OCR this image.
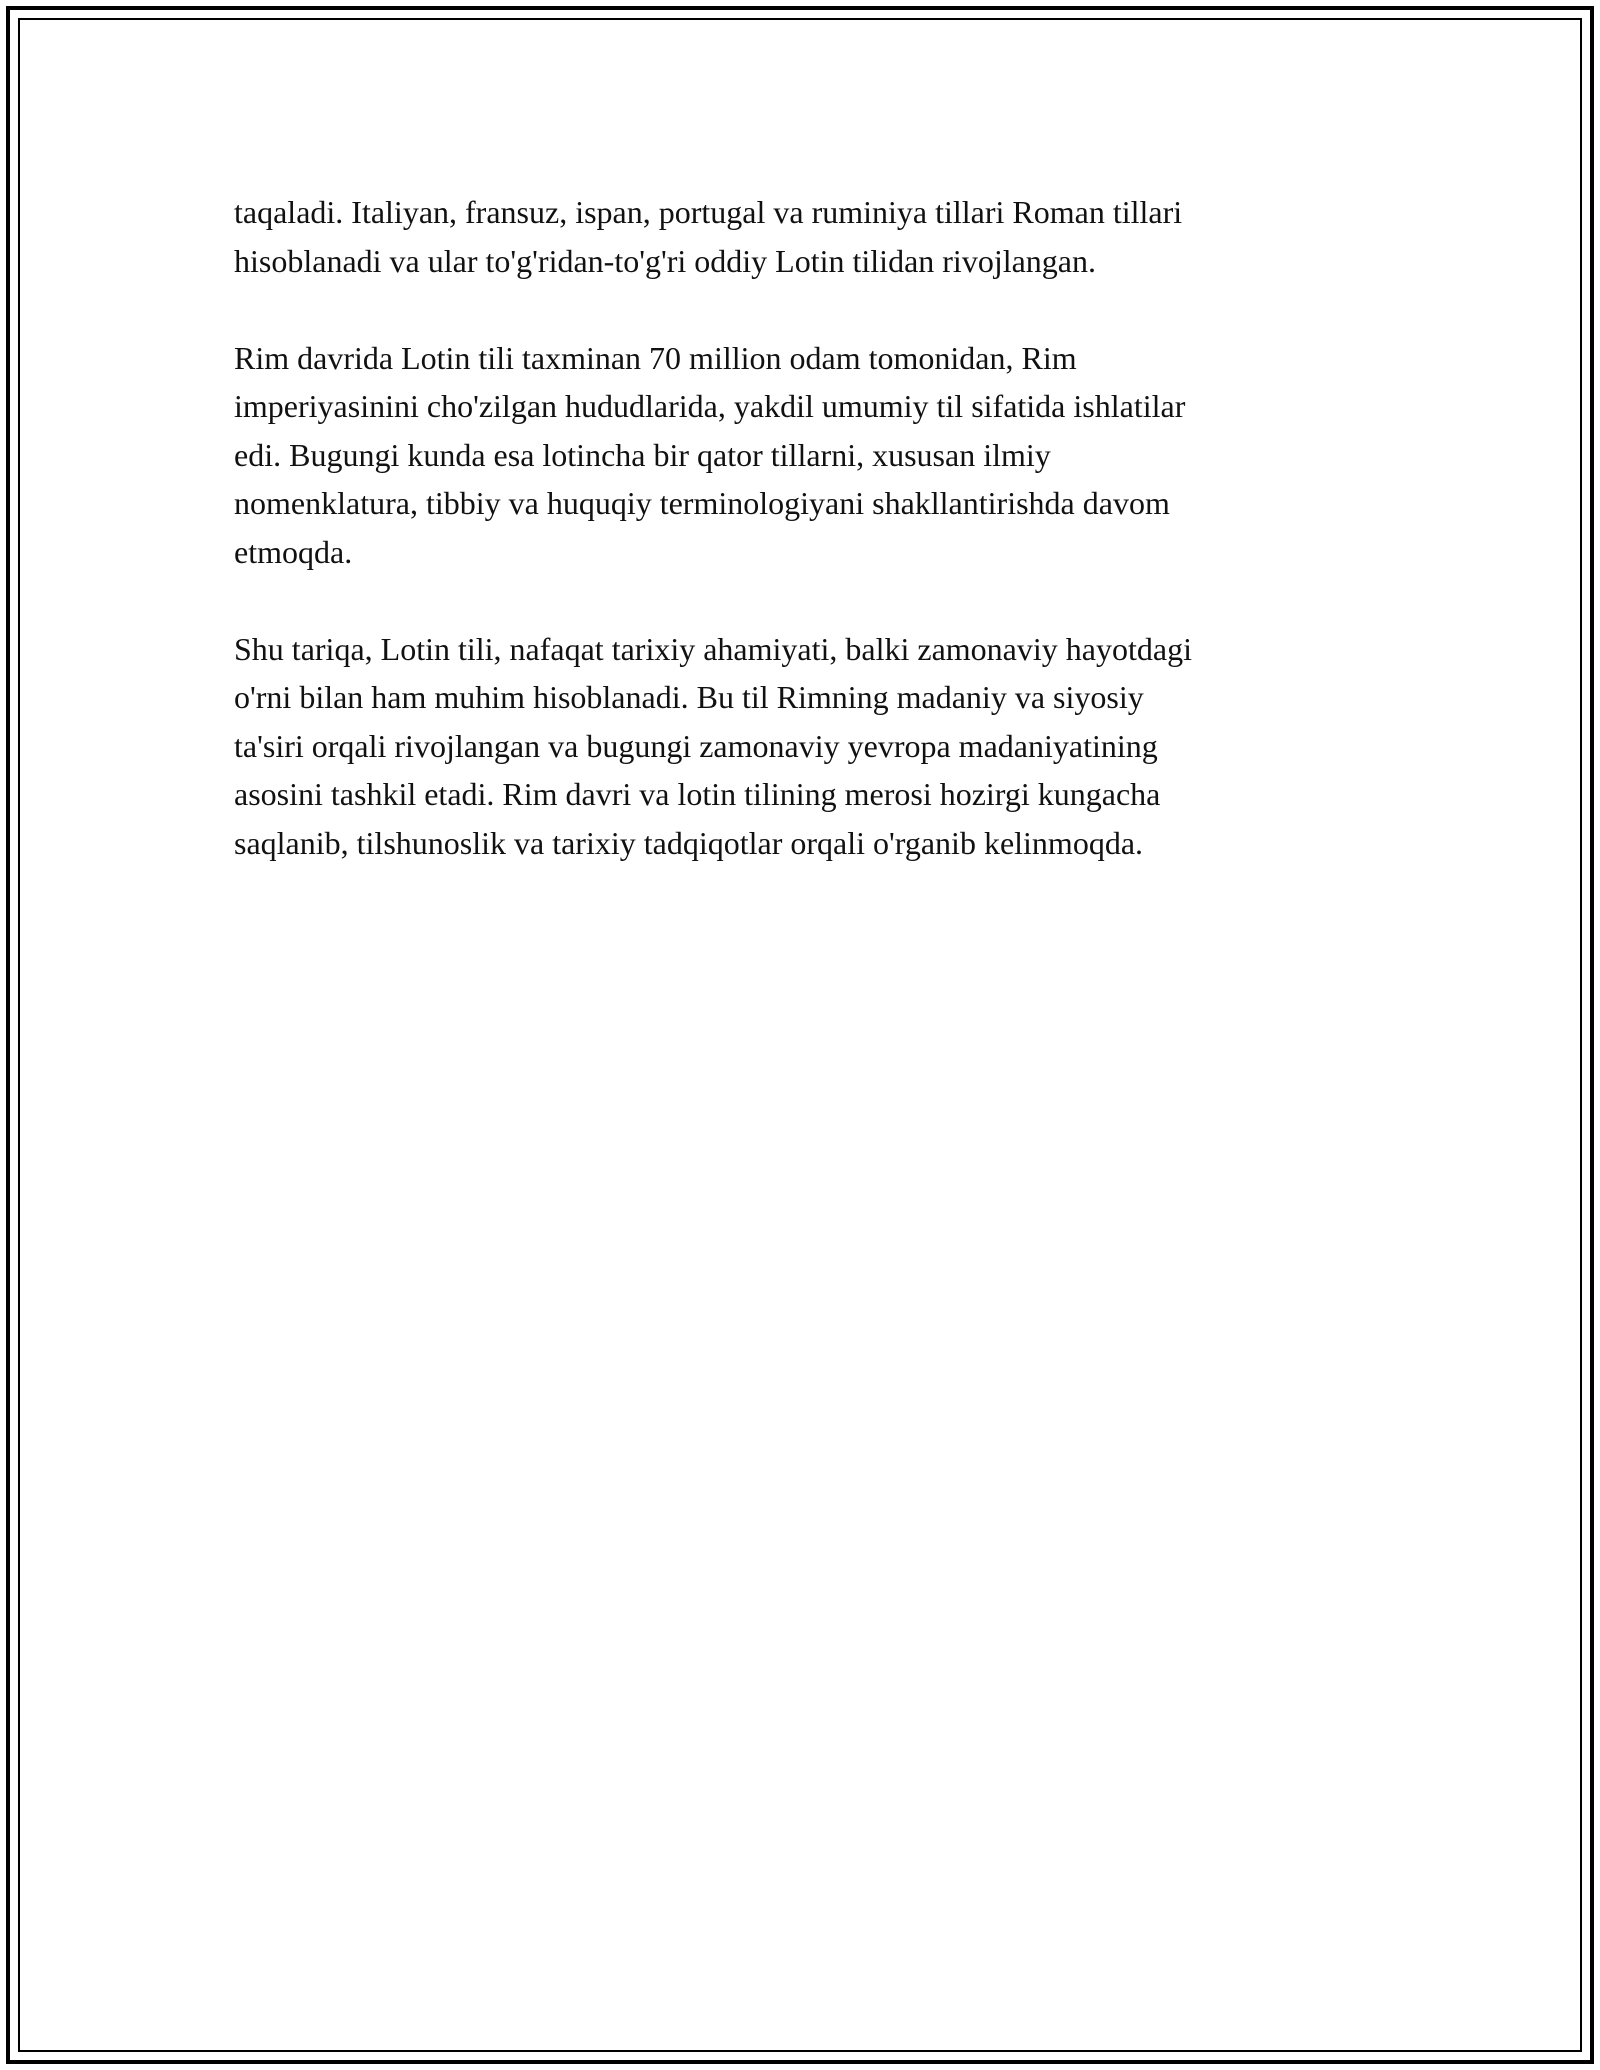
taqaladi. Italiyan, fransuz, ispan, portugal va ruminiya tillari Roman tillari
hisoblanadi va ular to'g'ridan-to'g'ri oddiy Lotin tilidan rivojlangan.

Rim davrida Lotin tili taxminan 70 million odam tomonidan, Rim
imperiyasinini cho'zilgan hududlarida, yakdil umumiy til sifatida ishlatilar
edi. Bugungi kunda esa lotincha bir qator tillarni, xususan ilmiy
nomenklatura, tibbiy va huquqiy terminologiyani shakllantirishda davom
etmoqda.

Shu tariqa, Lotin tili, nafaqat tarixiy ahamiyati, balki zamonaviy hayotdagi
o'rni bilan ham muhim hisoblanadi. Bu til Rimning madaniy va siyosiy
ta'siri orqali rivojlangan va bugungi zamonaviy yevropa madaniyatining
asosini tashkil etadi. Rim davri va lotin tilining merosi hozirgi kungacha
saqlanib, tilshunoslik va tarixiy tadqiqotlar orqali o'rganib kelinmoqda.
